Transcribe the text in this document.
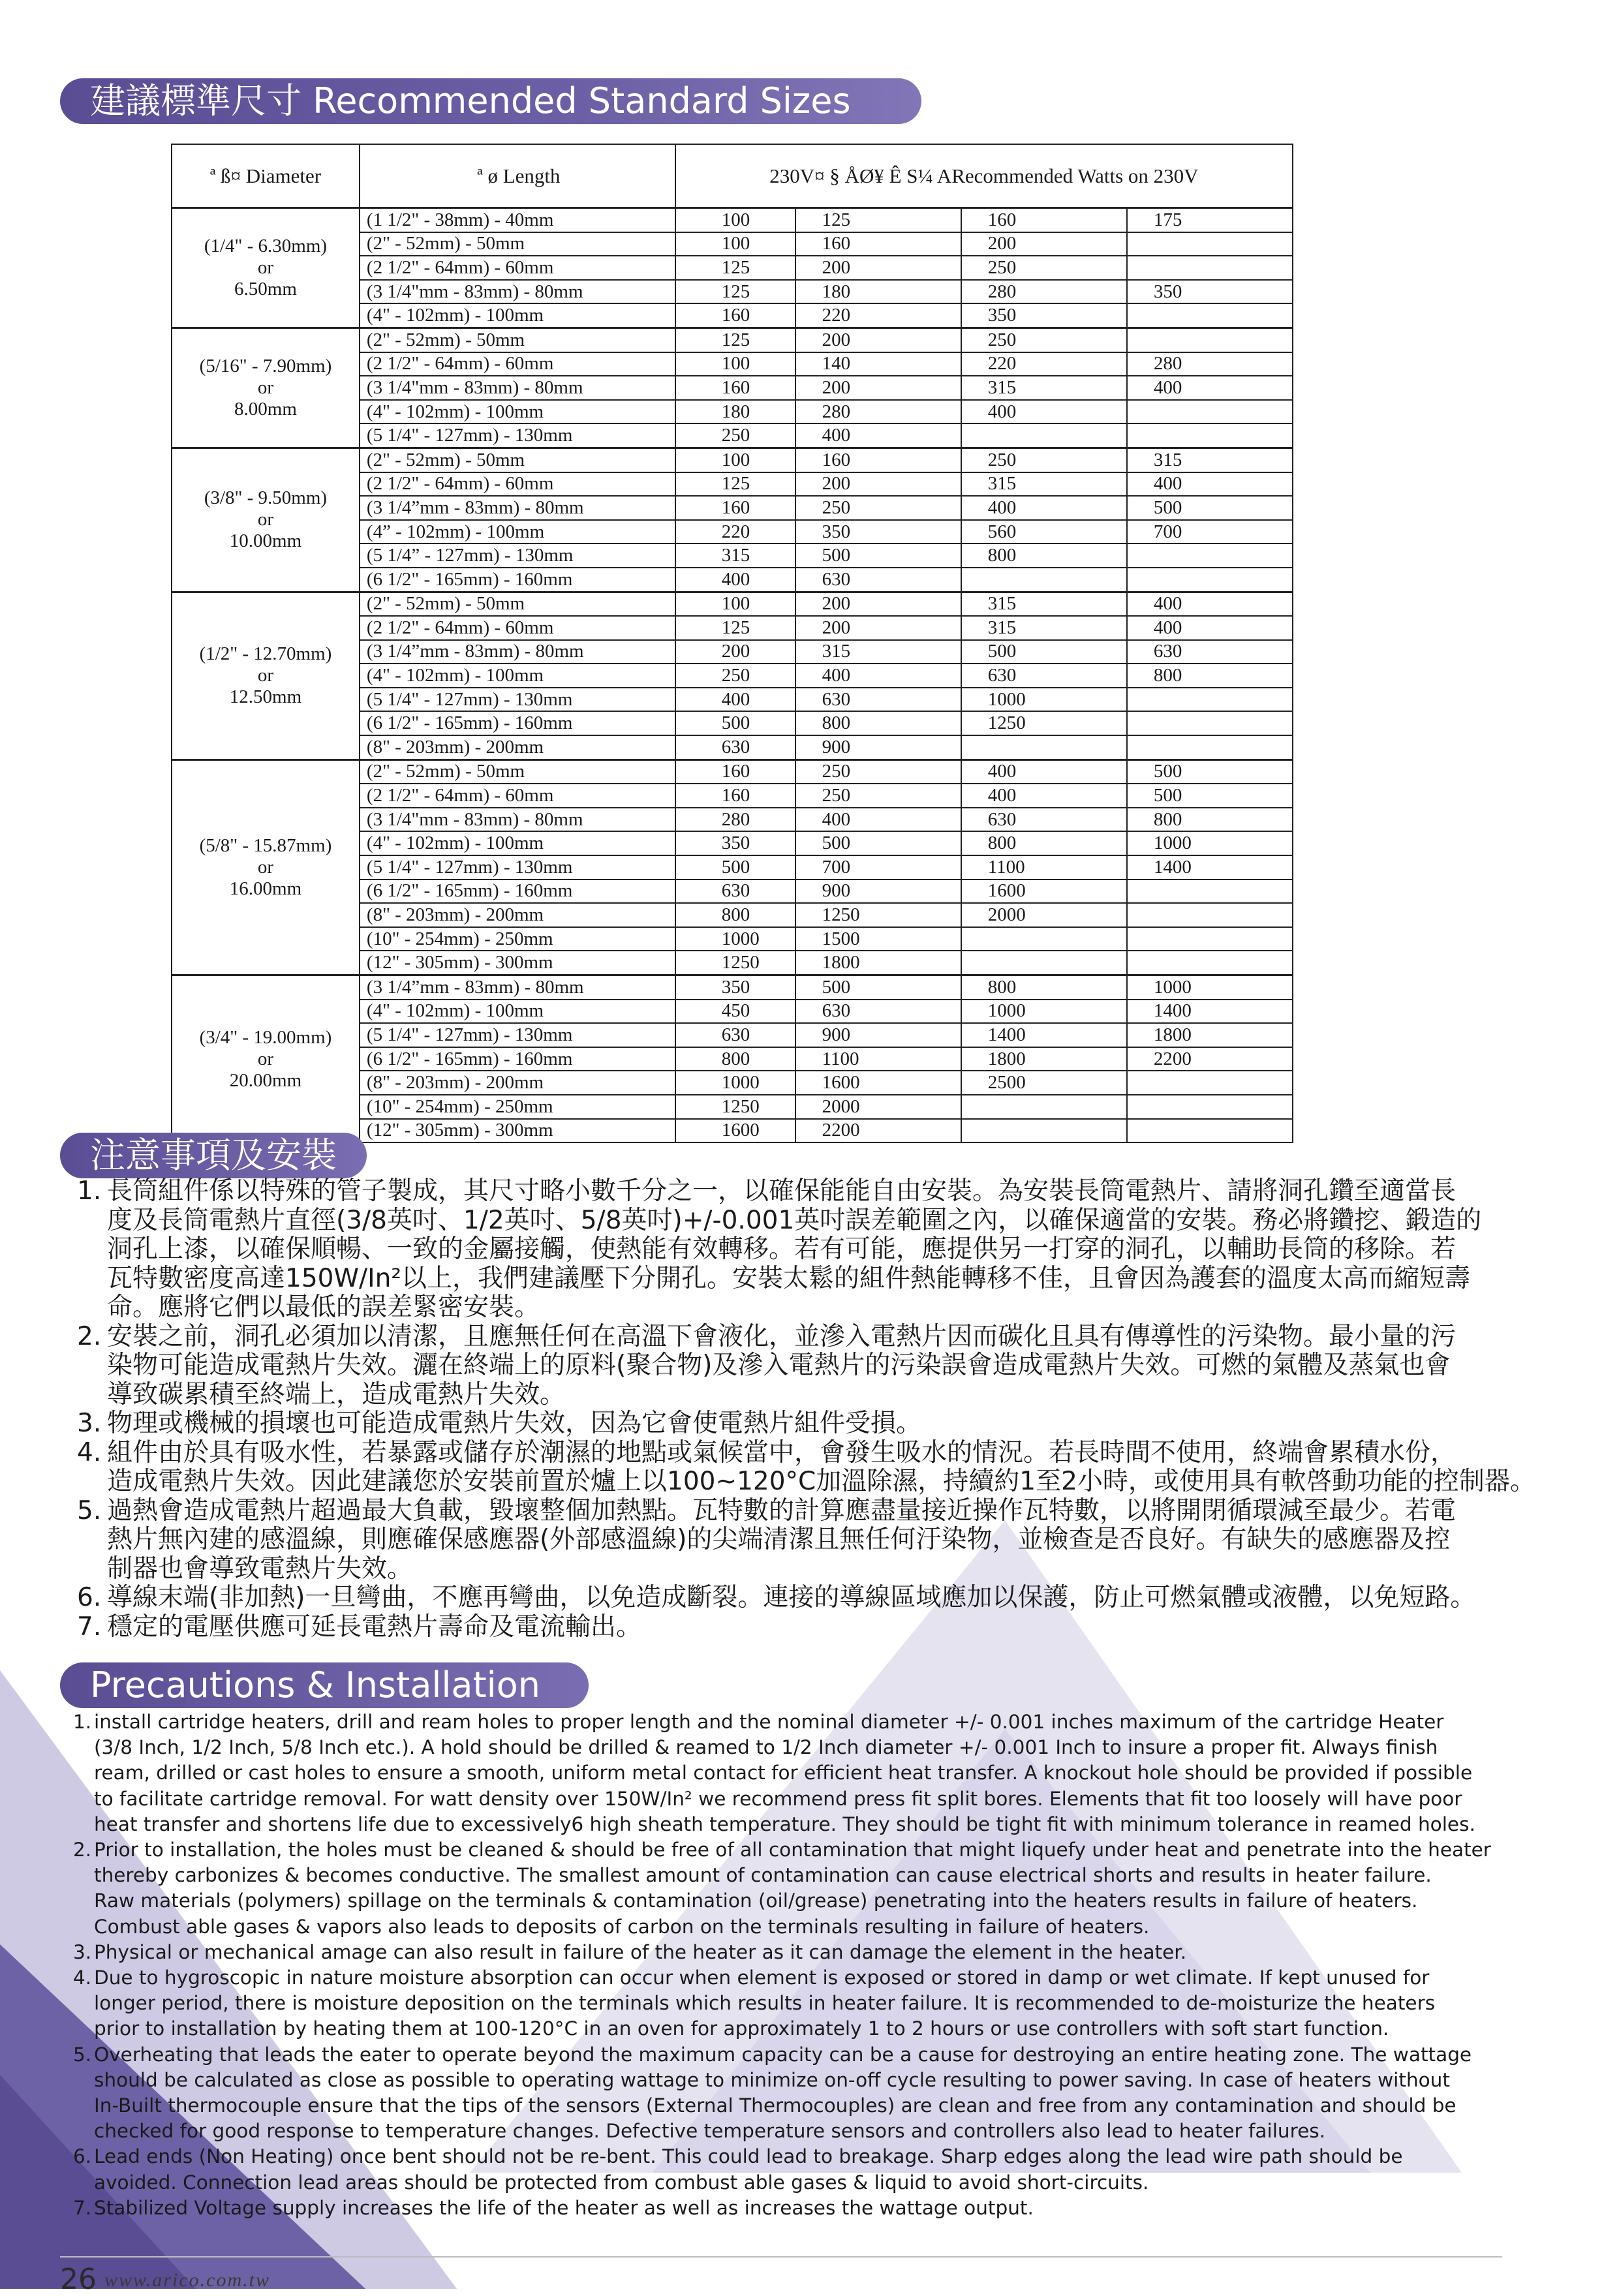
建議標準尺寸 Recommended Standard Sizes
ª ß¤ Diameter	ª ø Length	230V¤ § ÅØ¥ Ê S¼ ARecommended Watts on 230V			

(1/4" - 6.30mm)
or
6.50mm	(1 1/2" - 38mm) - 40mm	100	125	160	175
	(2" - 52mm) - 50mm	100	160	200	
	(2 1/2" - 64mm) - 60mm	125	200	250	
	(3 1/4"mm - 83mm) - 80mm	125	180	280	350
	(4" - 102mm) - 100mm	160	220	350	

(5/16" - 7.90mm)
or
8.00mm	(2" - 52mm) - 50mm	125	200	250	
	(2 1/2" - 64mm) - 60mm	100	140	220	280
	(3 1/4"mm - 83mm) - 80mm	160	200	315	400
	(4" - 102mm) - 100mm	180	280	400	
	(5 1/4" - 127mm) - 130mm	250	400		

(3/8" - 9.50mm)
or
10.00mm	(2" - 52mm) - 50mm	100	160	250	315
	(2 1/2" - 64mm) - 60mm	125	200	315	400
	(3 1/4”mm - 83mm) - 80mm	160	250	400	500
	(4” - 102mm) - 100mm	220	350	560	700
	(5 1/4” - 127mm) - 130mm	315	500	800	
	(6 1/2" - 165mm) - 160mm	400	630		

(1/2" - 12.70mm)
or
12.50mm	(2" - 52mm) - 50mm	100	200	315	400
	(2 1/2" - 64mm) - 60mm	125	200	315	400
	(3 1/4”mm - 83mm) - 80mm	200	315	500	630
	(4" - 102mm) - 100mm	250	400	630	800
	(5 1/4" - 127mm) - 130mm	400	630	1000	
	(6 1/2" - 165mm) - 160mm	500	800	1250	
	(8" - 203mm) - 200mm	630	900		

(5/8" - 15.87mm)
or
16.00mm	(2" - 52mm) - 50mm	160	250	400	500
	(2 1/2" - 64mm) - 60mm	160	250	400	500
	(3 1/4"mm - 83mm) - 80mm	280	400	630	800
	(4" - 102mm) - 100mm	350	500	800	1000
	(5 1/4" - 127mm) - 130mm	500	700	1100	1400
	(6 1/2" - 165mm) - 160mm	630	900	1600	
	(8" - 203mm) - 200mm	800	1250	2000	
	(10" - 254mm) - 250mm	1000	1500		
	(12" - 305mm) - 300mm	1250	1800		

(3/4" - 19.00mm)
or
20.00mm	(3 1/4”mm - 83mm) - 80mm	350	500	800	1000
	(4" - 102mm) - 100mm	450	630	1000	1400
	(5 1/4" - 127mm) - 130mm	630	900	1400	1800
	(6 1/2" - 165mm) - 160mm	800	1100	1800	2200
	(8" - 203mm) - 200mm	1000	1600	2500	
	(10" - 254mm) - 250mm	1250	2000		
	(12" - 305mm) - 300mm	1600	2200		
注意事項及安裝
1. 長筒組件係以特殊的管子製成，其尺寸略小數千分之一，以確保能能自由安裝。為安裝長筒電熱片、請將洞孔鑽至適當長
度及長筒電熱片直徑(3/8英吋、1/2英吋、5/8英吋)+/-0.001英吋誤差範圍之內，以確保適當的安裝。務必將鑽挖、鍛造的
洞孔上漆，以確保順暢、一致的金屬接觸，使熱能有效轉移。若有可能，應提供另一打穿的洞孔，以輔助長筒的移除。若
瓦特數密度高達150W/In²以上，我們建議壓下分開孔。安裝太鬆的組件熱能轉移不佳，且會因為護套的溫度太高而縮短壽
命。應將它們以最低的誤差緊密安裝。
2. 安裝之前，洞孔必須加以清潔，且應無任何在高溫下會液化，並滲入電熱片因而碳化且具有傳導性的污染物。最小量的污
染物可能造成電熱片失效。灑在終端上的原料(聚合物)及滲入電熱片的污染誤會造成電熱片失效。可燃的氣體及蒸氣也會
導致碳累積至終端上，造成電熱片失效。
3. 物理或機械的損壞也可能造成電熱片失效，因為它會使電熱片組件受損。
4. 組件由於具有吸水性，若暴露或儲存於潮濕的地點或氣候當中，會發生吸水的情況。若長時間不使用，終端會累積水份，
造成電熱片失效。因此建議您於安裝前置於爐上以100~120°C加溫除濕，持續約1至2小時，或使用具有軟啓動功能的控制器。
5. 過熱會造成電熱片超過最大負載，毀壞整個加熱點。瓦特數的計算應盡量接近操作瓦特數，以將開閉循環減至最少。若電
熱片無內建的感溫線，則應確保感應器(外部感溫線)的尖端清潔且無任何汙染物，並檢查是否良好。有缺失的感應器及控
制器也會導致電熱片失效。
6. 導線末端(非加熱)一旦彎曲，不應再彎曲，以免造成斷裂。連接的導線區域應加以保護，防止可燃氣體或液體，以免短路。
7. 穩定的電壓供應可延長電熱片壽命及電流輸出。
Precautions & Installation
1. install cartridge heaters, drill and ream holes to proper length and the nominal diameter +/- 0.001 inches maximum of the cartridge Heater
(3/8 Inch, 1/2 Inch, 5/8 Inch etc.). A hold should be drilled & reamed to 1/2 Inch diameter +/- 0.001 Inch to insure a proper fit. Always finish
ream, drilled or cast holes to ensure a smooth, uniform metal contact for efficient heat transfer. A knockout hole should be provided if possible
to facilitate cartridge removal. For watt density over 150W/In² we recommend press fit split bores. Elements that fit too loosely will have poor
heat transfer and shortens life due to excessively6 high sheath temperature. They should be tight fit with minimum tolerance in reamed holes.
2. Prior to installation, the holes must be cleaned & should be free of all contamination that might liquefy under heat and penetrate into the heater
thereby carbonizes & becomes conductive. The smallest amount of contamination can cause electrical shorts and results in heater failure.
Raw materials (polymers) spillage on the terminals & contamination (oil/grease) penetrating into the heaters results in failure of heaters.
Combust able gases & vapors also leads to deposits of carbon on the terminals resulting in failure of heaters.
3. Physical or mechanical amage can also result in failure of the heater as it can damage the element in the heater.
4. Due to hygroscopic in nature moisture absorption can occur when element is exposed or stored in damp or wet climate. If kept unused for
longer period, there is moisture deposition on the terminals which results in heater failure. It is recommended to de-moisturize the heaters
prior to installation by heating them at 100-120°C in an oven for approximately 1 to 2 hours or use controllers with soft start function.
5. Overheating that leads the eater to operate beyond the maximum capacity can be a cause for destroying an entire heating zone. The wattage
should be calculated as close as possible to operating wattage to minimize on-off cycle resulting to power saving. In case of heaters without
In-Built thermocouple ensure that the tips of the sensors (External Thermocouples) are clean and free from any contamination and should be
checked for good response to temperature changes. Defective temperature sensors and controllers also lead to heater failures.
6. Lead ends (Non Heating) once bent should not be re-bent. This could lead to breakage. Sharp edges along the lead wire path should be
avoided. Connection lead areas should be protected from combust able gases & liquid to avoid short-circuits.
7. Stabilized Voltage supply increases the life of the heater as well as increases the wattage output.
26 www.arico.com.tw
